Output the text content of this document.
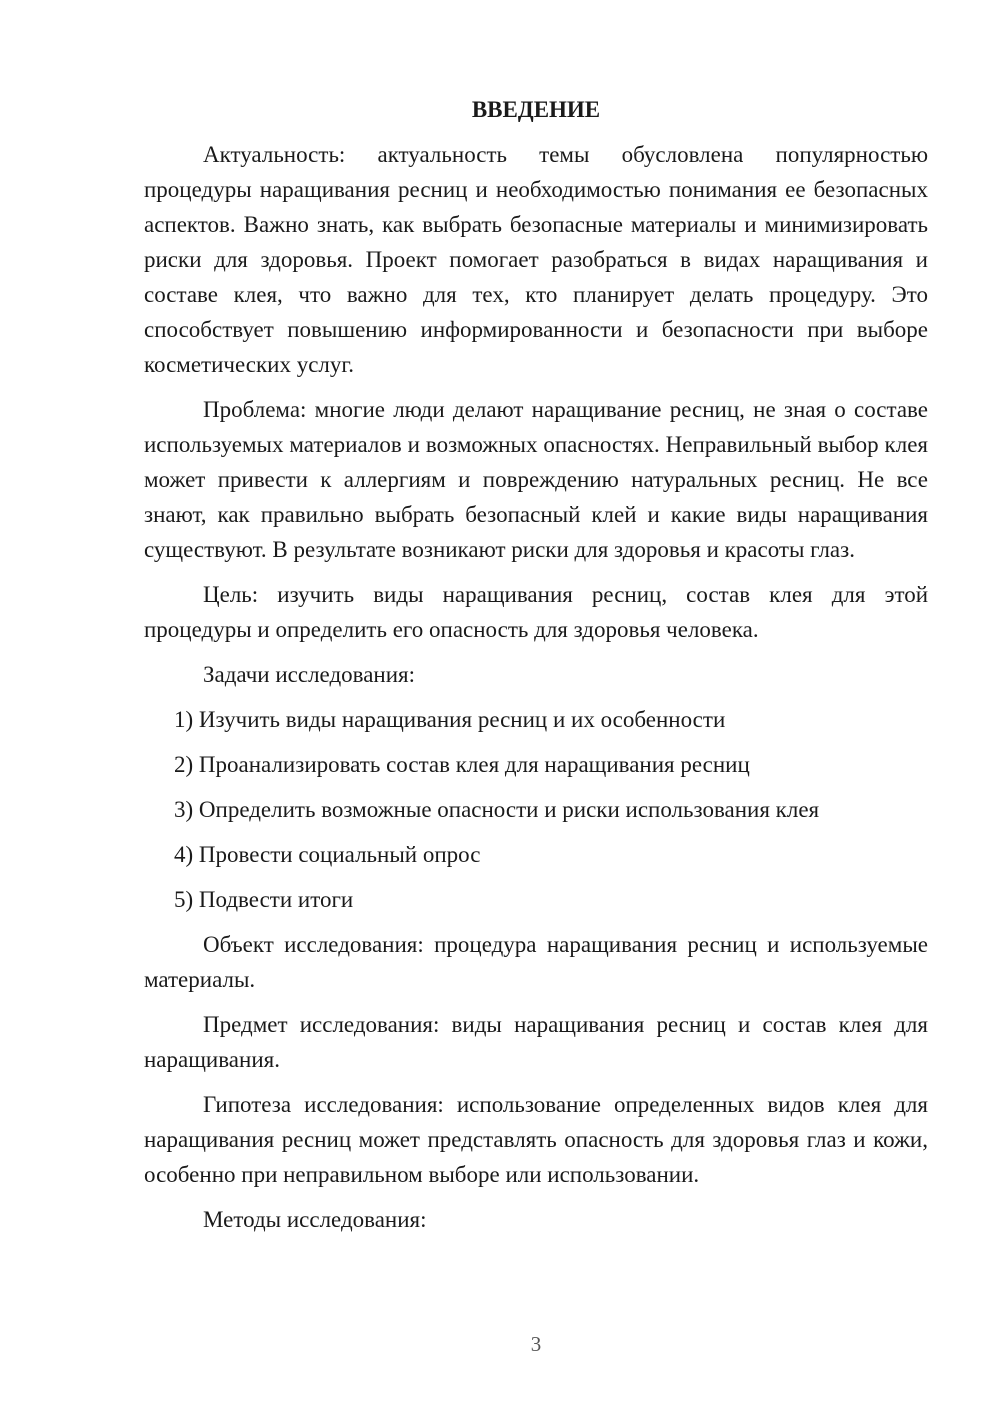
ВВЕДЕНИЕ

Актуальность: актуальность темы обусловлена популярностью процедуры наращивания ресниц и необходимостью понимания ее безопасных аспектов. Важно знать, как выбрать безопасные материалы и минимизировать риски для здоровья. Проект помогает разобраться в видах наращивания и составе клея, что важно для тех, кто планирует делать процедуру. Это способствует повышению информированности и безопасности при выборе косметических услуг.

Проблема: многие люди делают наращивание ресниц, не зная о составе используемых материалов и возможных опасностях. Неправильный выбор клея может привести к аллергиям и повреждению натуральных ресниц. Не все знают, как правильно выбрать безопасный клей и какие виды наращивания существуют. В результате возникают риски для здоровья и красоты глаз.

Цель: изучить виды наращивания ресниц, состав клея для этой процедуры и определить его опасность для здоровья человека.

Задачи исследования:

1) Изучить виды наращивания ресниц и их особенности
2) Проанализировать состав клея для наращивания ресниц
3) Определить возможные опасности и риски использования клея
4) Провести социальный опрос
5) Подвести итоги

Объект исследования: процедура наращивания ресниц и используемые материалы.

Предмет исследования: виды наращивания ресниц и состав клея для наращивания.

Гипотеза исследования: использование определенных видов клея для наращивания ресниц может представлять опасность для здоровья глаз и кожи, особенно при неправильном выборе или использовании.

Методы исследования:

3
